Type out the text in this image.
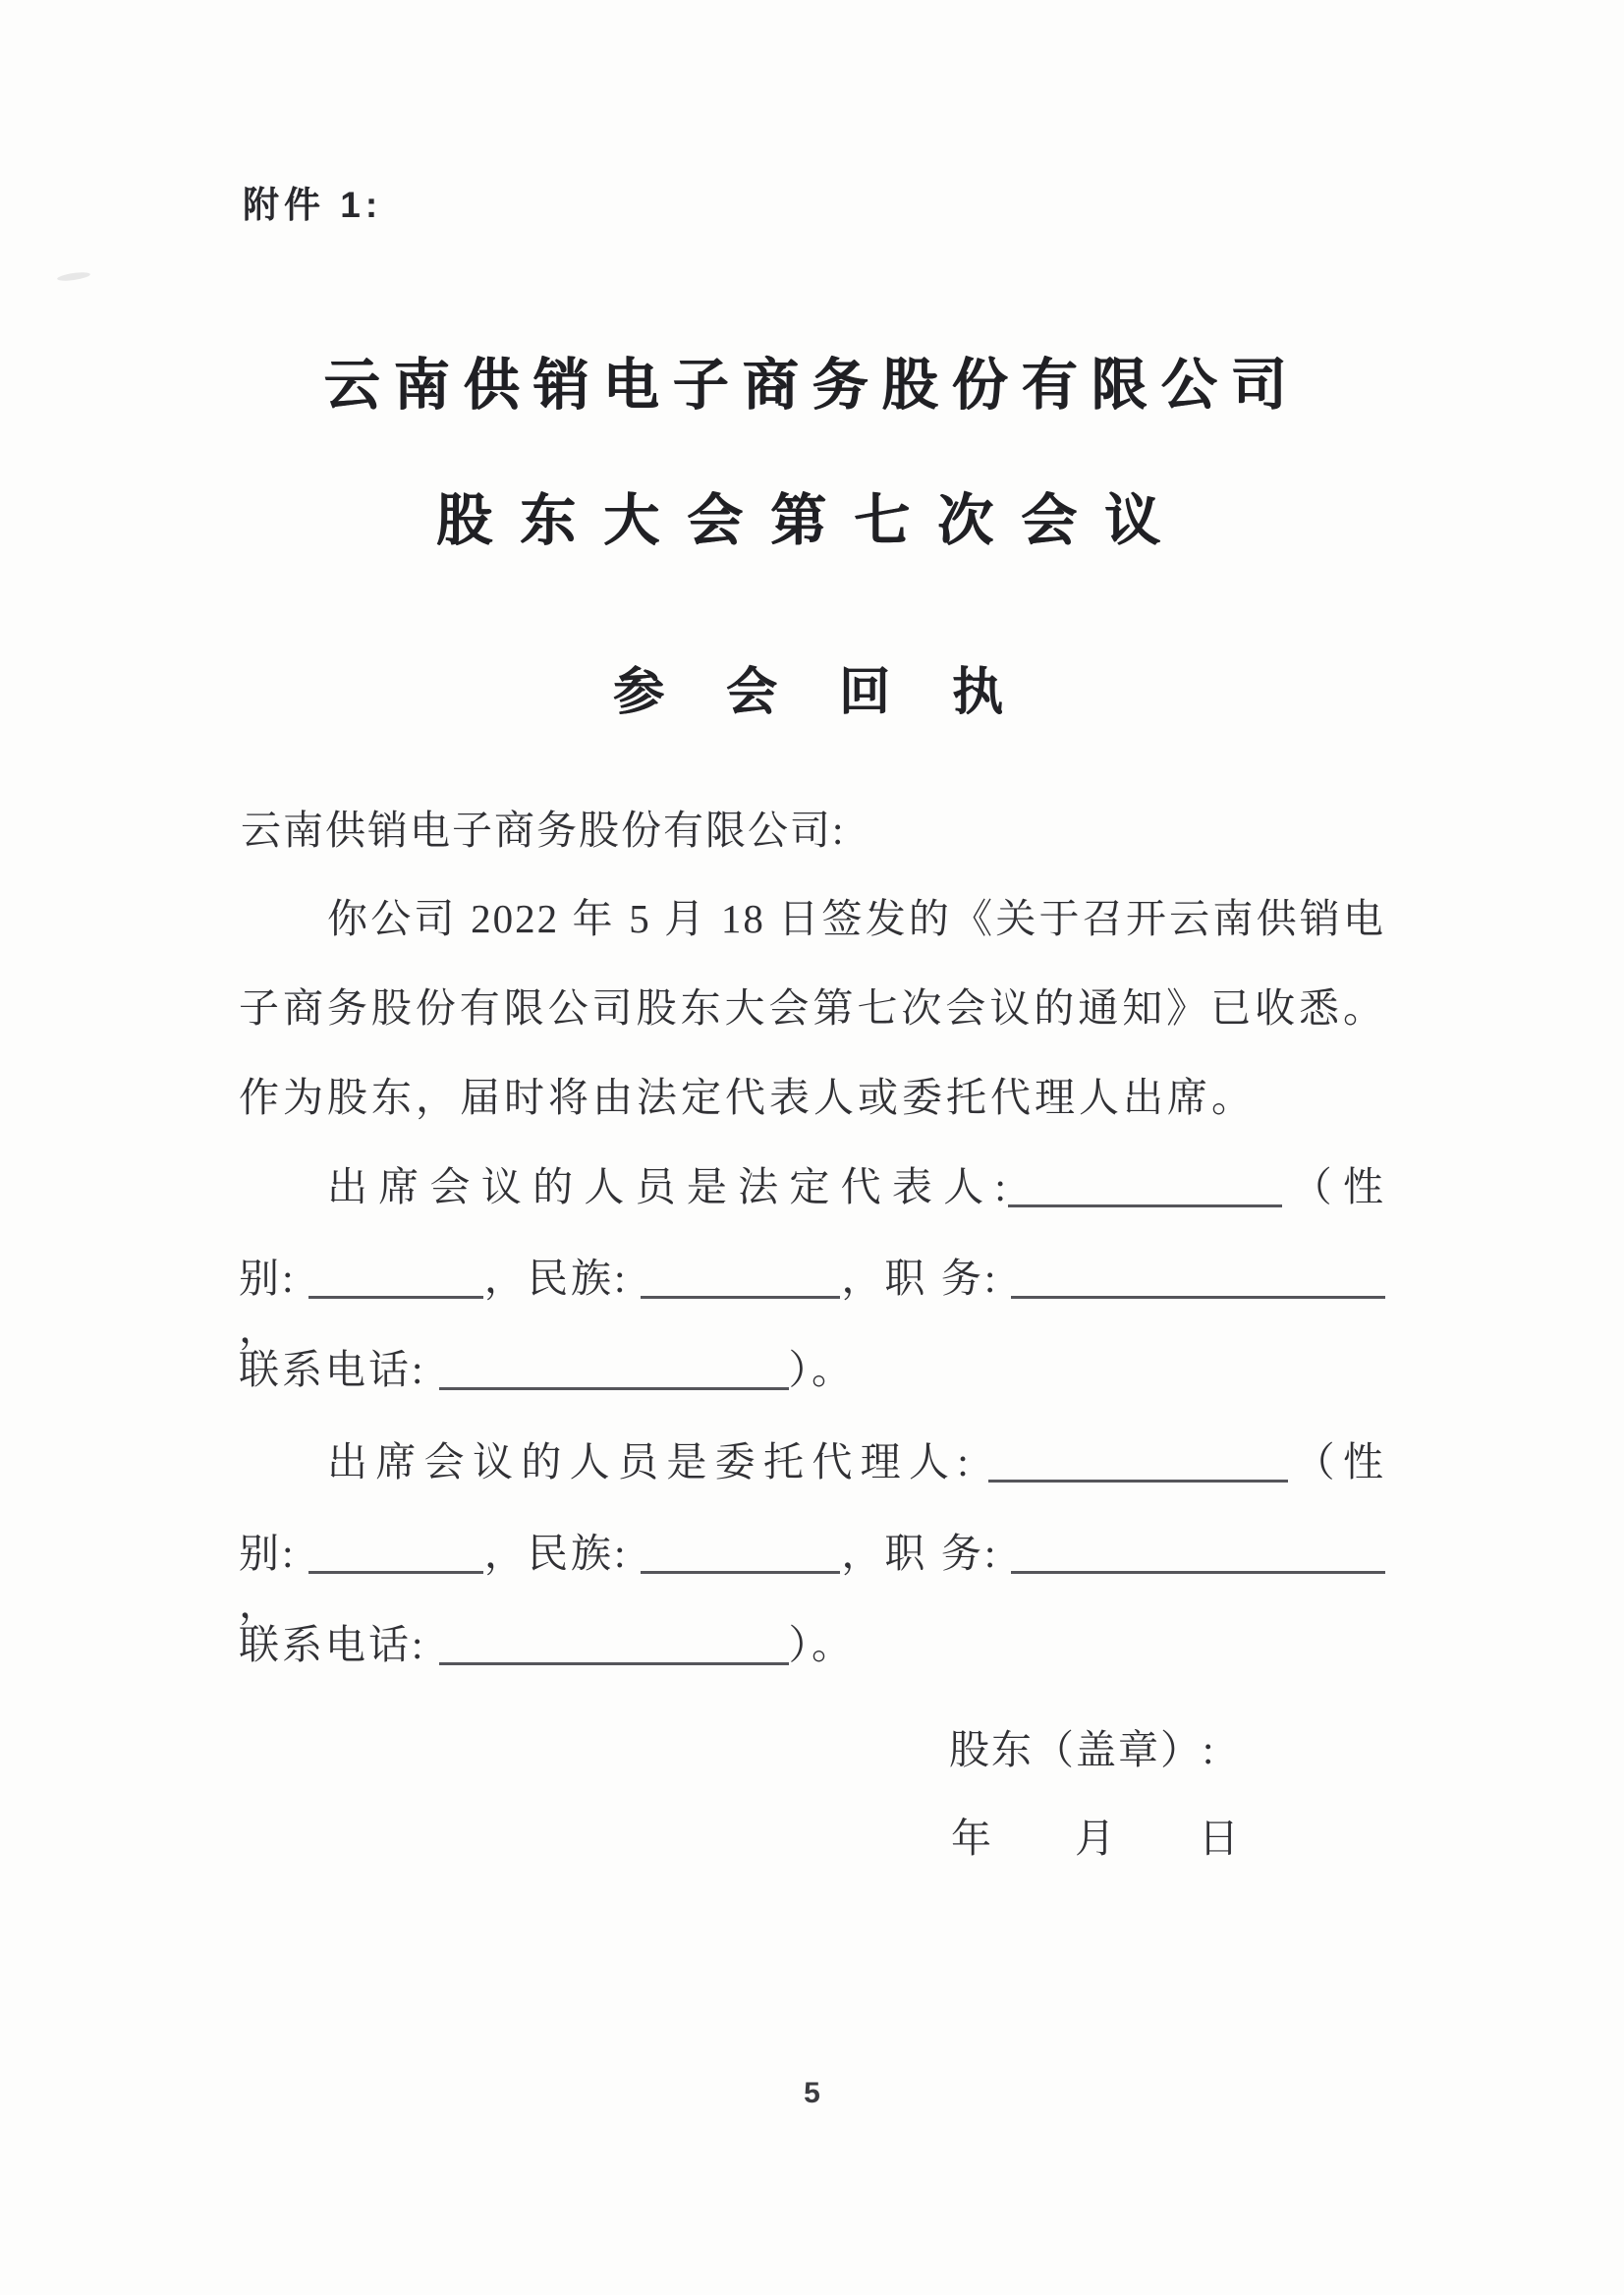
附件 1:
云南供销电子商务股份有限公司
股东大会第七次会议
参 会 回 执
云南供销电子商务股份有限公司:
你公司 2022 年 5 月 18 日签发的《关于召开云南供销电
子商务股份有限公司股东大会第七次会议的通知》已收悉。
作为股东，届时将由法定代表人或委托代理人出席。
出席会议的人员是法定代表人:	（性
别:	，民族:	，职 务: ，
联系电话:	）。
出席会议的人员是委托代理人:	（性
别:	，民族:	，职 务: ，
联系电话:	）。
股东（盖章）:
年　　月　　日
5
